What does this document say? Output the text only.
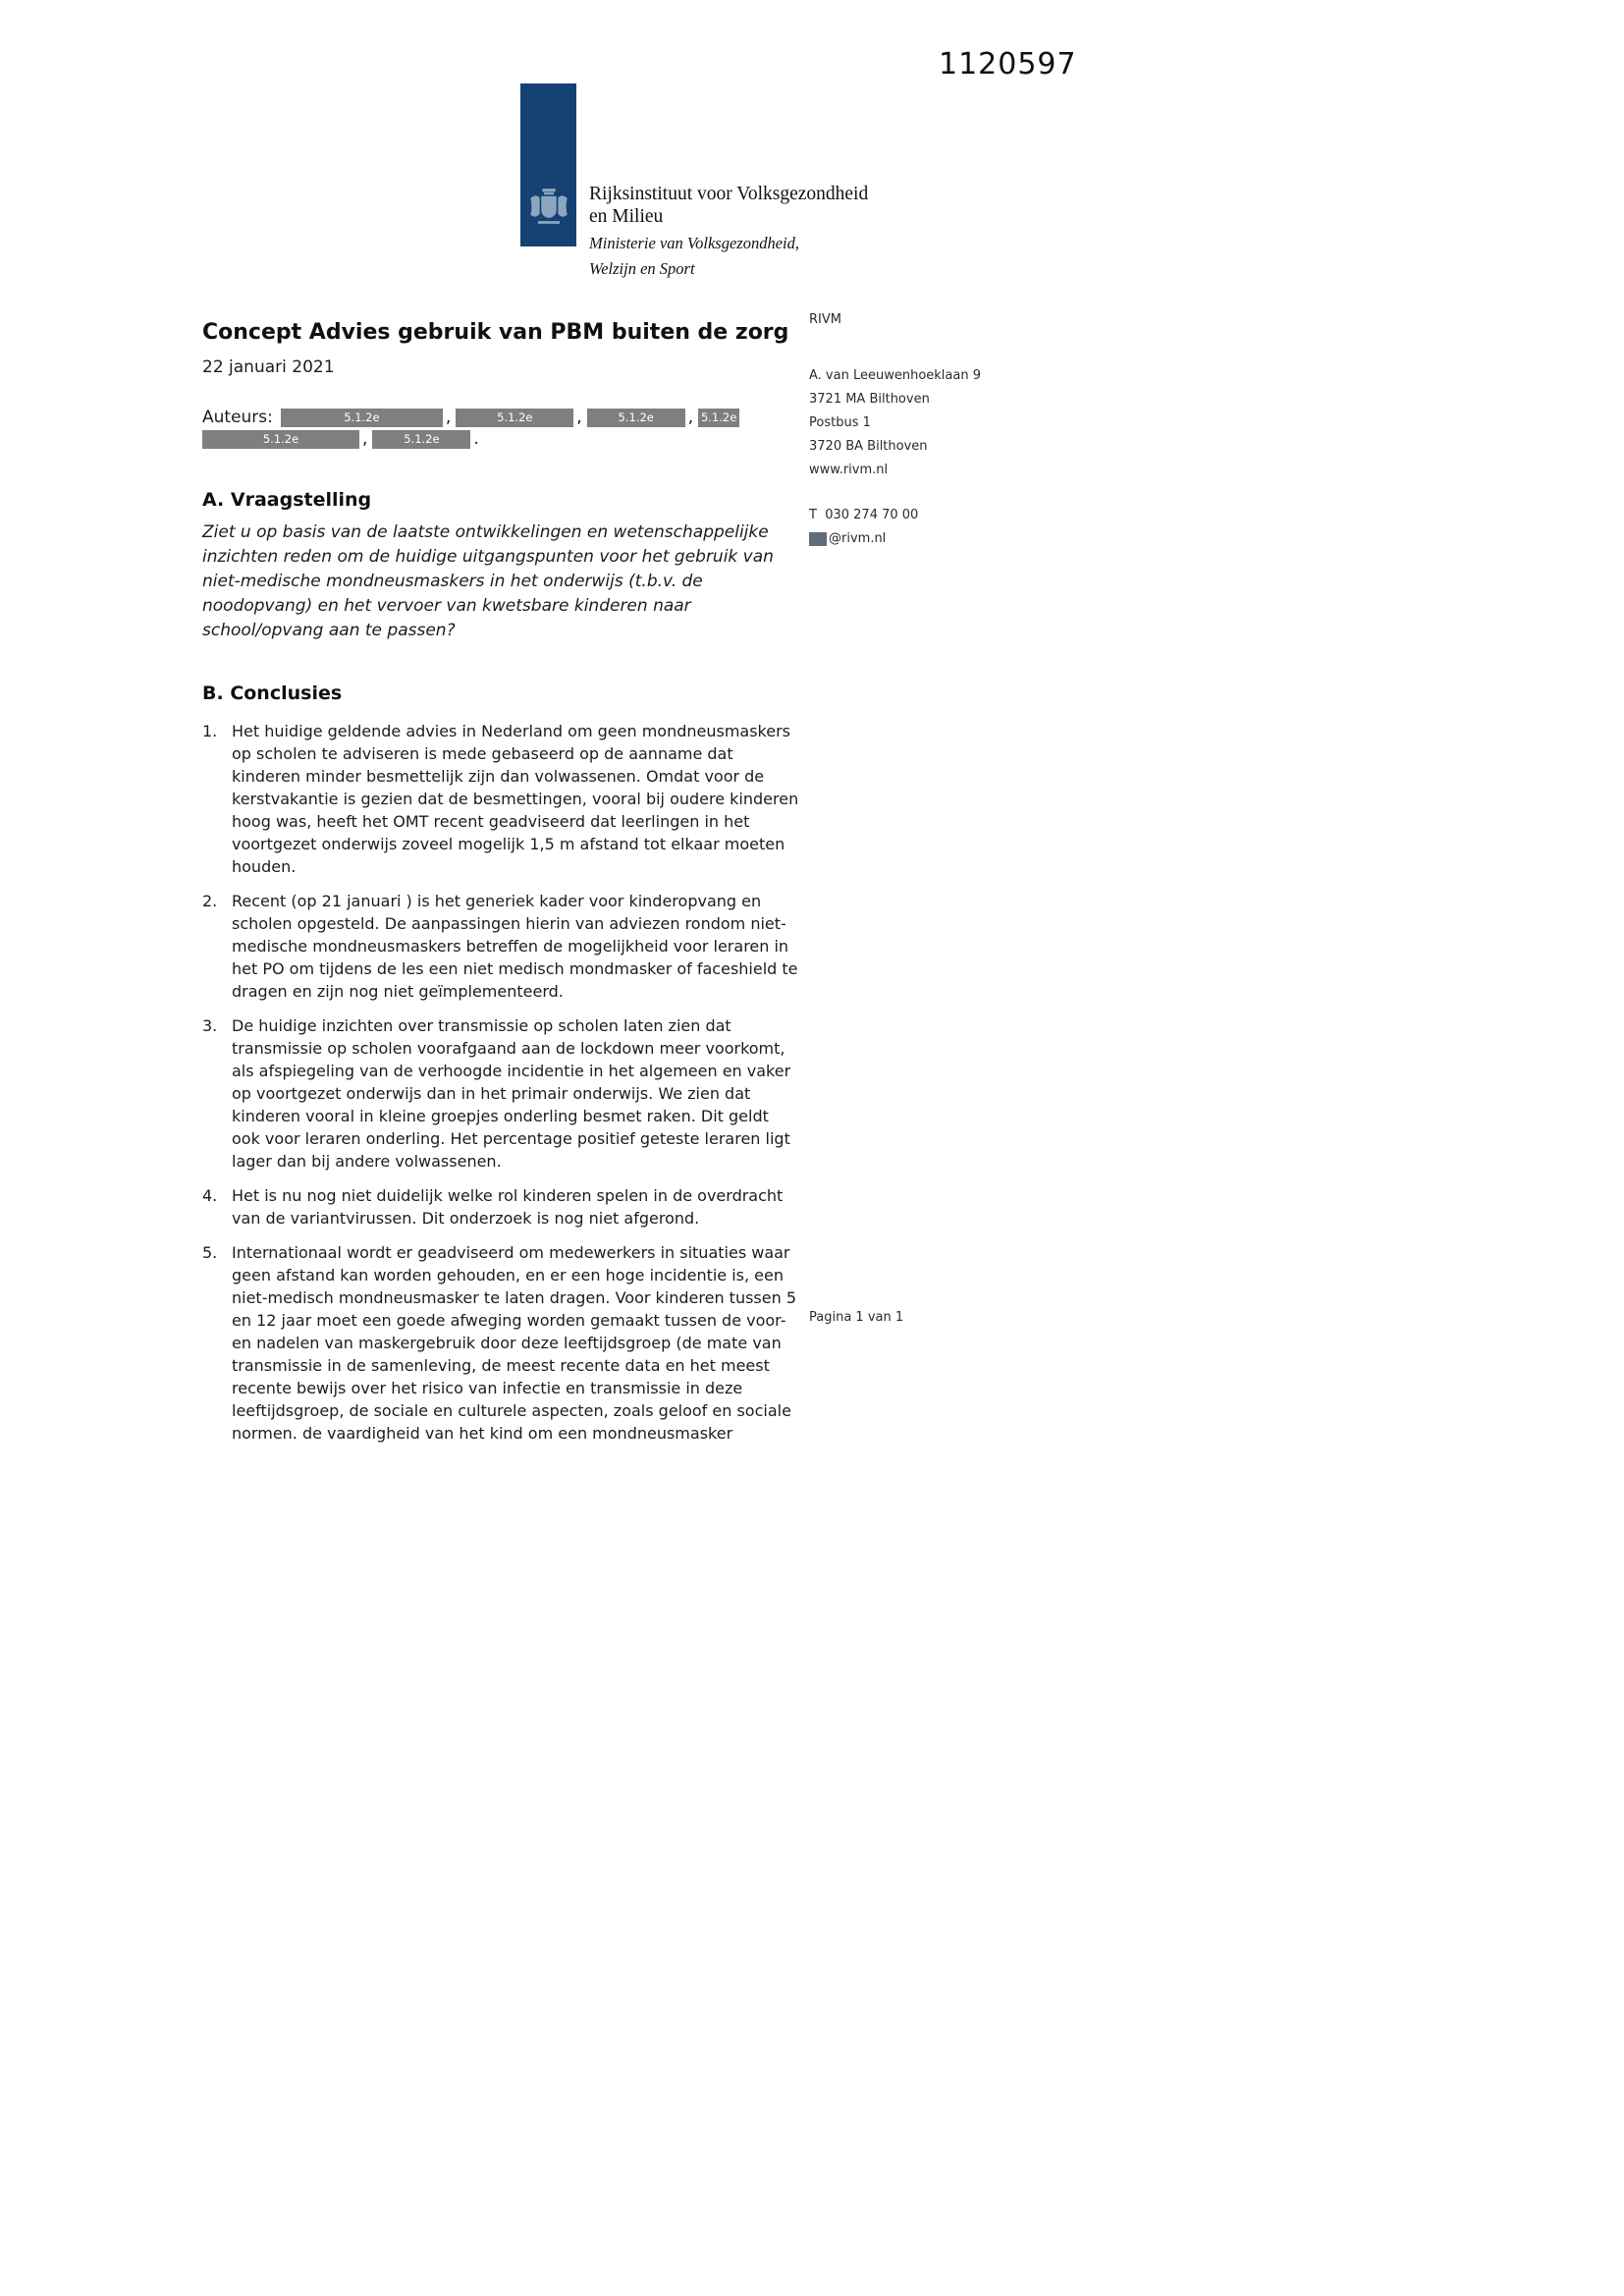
1120597
Rijksinstituut voor Volksgezondheid
en Milieu
Ministerie van Volksgezondheid,
Welzijn en Sport
Concept Advies gebruik van PBM buiten de zorg
22 januari 2021
Auteurs:	5.1.2e	,	5.1.2e	,	5.1.2e	, 5.1.2e
5.1.2e	,	5.1.2e	.
A. Vraagstelling
Ziet u op basis van de laatste ontwikkelingen en wetenschappelijke inzichten reden om de huidige uitgangspunten voor het gebruik van niet-medische mondneusmaskers in het onderwijs (t.b.v. de noodopvang) en het vervoer van kwetsbare kinderen naar school/opvang aan te passen?
B. Conclusies
1. Het huidige geldende advies in Nederland om geen mondneusmaskers op scholen te adviseren is mede gebaseerd op de aanname dat kinderen minder besmettelijk zijn dan volwassenen. Omdat voor de kerstvakantie is gezien dat de besmettingen, vooral bij oudere kinderen hoog was, heeft het OMT recent geadviseerd dat leerlingen in het voortgezet onderwijs zoveel mogelijk 1,5 m afstand tot elkaar moeten houden.
2. Recent (op 21 januari ) is het generiek kader voor kinderopvang en scholen opgesteld. De aanpassingen hierin van adviezen rondom niet-medische mondneusmaskers betreffen de mogelijkheid voor leraren in het PO om tijdens de les een niet medisch mondmasker of faceshield te dragen en zijn nog niet geïmplementeerd.
3. De huidige inzichten over transmissie op scholen laten zien dat transmissie op scholen voorafgaand aan de lockdown meer voorkomt, als afspiegeling van de verhoogde incidentie in het algemeen en vaker op voortgezet onderwijs dan in het primair onderwijs. We zien dat kinderen vooral in kleine groepjes onderling besmet raken. Dit geldt ook voor leraren onderling. Het percentage positief geteste leraren ligt lager dan bij andere volwassenen.
4. Het is nu nog niet duidelijk welke rol kinderen spelen in de overdracht van de variantvirussen. Dit onderzoek is nog niet afgerond.
5. Internationaal wordt er geadviseerd om medewerkers in situaties waar geen afstand kan worden gehouden, en er een hoge incidentie is, een niet-medisch mondneusmasker te laten dragen. Voor kinderen tussen 5 en 12 jaar moet een goede afweging worden gemaakt tussen de voor- en nadelen van maskergebruik door deze leeftijdsgroep (de mate van transmissie in de samenleving, de meest recente data en het meest recente bewijs over het risico van infectie en transmissie in deze leeftijdsgroep, de sociale en culturele aspecten, zoals geloof en sociale normen. de vaardigheid van het kind om een mondneusmasker
RIVM
A. van Leeuwenhoeklaan 9
3721 MA Bilthoven
Postbus 1
3720 BA Bilthoven
www.rivm.nl
T  030 274 70 00
@rivm.nl
Pagina 1 van 1
